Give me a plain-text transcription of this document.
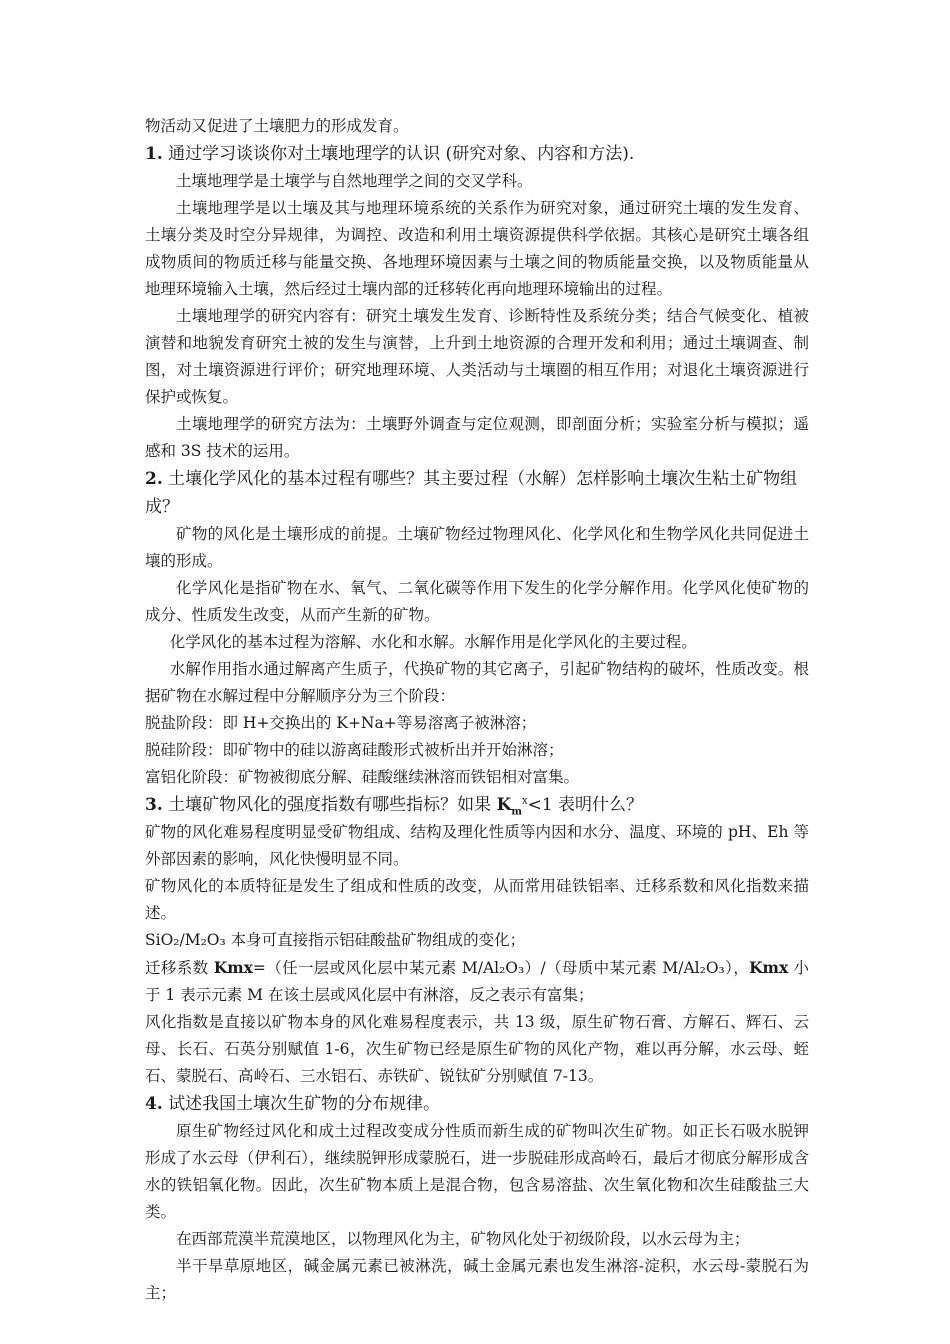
物活动又促进了土壤肥力的形成发育。

1. 通过学习谈谈你对土壤地理学的认识 (研究对象、内容和方法).

土壤地理学是土壤学与自然地理学之间的交叉学科。

土壤地理学是以土壤及其与地理环境系统的关系作为研究对象，通过研究土壤的发生发育、土壤分类及时空分异规律，为调控、改造和利用土壤资源提供科学依据。其核心是研究土壤各组成物质间的物质迁移与能量交换、各地理环境因素与土壤之间的物质能量交换，以及物质能量从地理环境输入土壤，然后经过土壤内部的迁移转化再向地理环境输出的过程。

土壤地理学的研究内容有：研究土壤发生发育、诊断特性及系统分类；结合气候变化、植被演替和地貌发育研究土被的发生与演替，上升到土地资源的合理开发和利用；通过土壤调查、制图，对土壤资源进行评价；研究地理环境、人类活动与土壤圈的相互作用；对退化土壤资源进行保护或恢复。

土壤地理学的研究方法为：土壤野外调查与定位观测，即剖面分析；实验室分析与模拟；遥感和 3S 技术的运用。

2. 土壤化学风化的基本过程有哪些？其主要过程（水解）怎样影响土壤次生粘土矿物组成？

矿物的风化是土壤形成的前提。土壤矿物经过物理风化、化学风化和生物学风化共同促进土壤的形成。

化学风化是指矿物在水、氧气、二氧化碳等作用下发生的化学分解作用。化学风化使矿物的成分、性质发生改变，从而产生新的矿物。

化学风化的基本过程为溶解、水化和水解。水解作用是化学风化的主要过程。

水解作用指水通过解离产生质子，代换矿物的其它离子，引起矿物结构的破坏，性质改变。根据矿物在水解过程中分解顺序分为三个阶段：

脱盐阶段：即 H+交换出的 K+Na+等易溶离子被淋溶；

脱硅阶段：即矿物中的硅以游离硅酸形式被析出并开始淋溶；

富铝化阶段：矿物被彻底分解、硅酸继续淋溶而铁铝相对富集。

3. 土壤矿物风化的强度指数有哪些指标？如果 $K_m^x<1$ 表明什么？

矿物的风化难易程度明显受矿物组成、结构及理化性质等内因和水分、温度、环境的 pH、Eh 等外部因素的影响，风化快慢明显不同。

矿物风化的本质特征是发生了组成和性质的改变，从而常用硅铁铝率、迁移系数和风化指数来描述。

SiO₂/M₂O₃ 本身可直接指示铝硅酸盐矿物组成的变化；

迁移系数 Kmx=（任一层或风化层中某元素 M/Al₂O₃）/（母质中某元素 M/Al₂O₃），Kmx 小于 1 表示元素 M 在该土层或风化层中有淋溶，反之表示有富集；

风化指数是直接以矿物本身的风化难易程度表示，共 13 级，原生矿物石膏、方解石、辉石、云母、长石、石英分别赋值 1-6，次生矿物已经是原生矿物的风化产物，难以再分解，水云母、蛭石、蒙脱石、高岭石、三水铝石、赤铁矿、锐钛矿分别赋值 7-13。

4. 试述我国土壤次生矿物的分布规律。

原生矿物经过风化和成土过程改变成分性质而新生成的矿物叫次生矿物。如正长石吸水脱钾形成了水云母（伊利石），继续脱钾形成蒙脱石，进一步脱硅形成高岭石，最后才彻底分解形成含水的铁铝氧化物。因此，次生矿物本质上是混合物，包含易溶盐、次生氧化物和次生硅酸盐三大类。

在西部荒漠半荒漠地区，以物理风化为主，矿物风化处于初级阶段，以水云母为主；

半干旱草原地区，碱金属元素已被淋洗，碱土金属元素也发生淋溶-淀积，水云母-蒙脱石为主；
